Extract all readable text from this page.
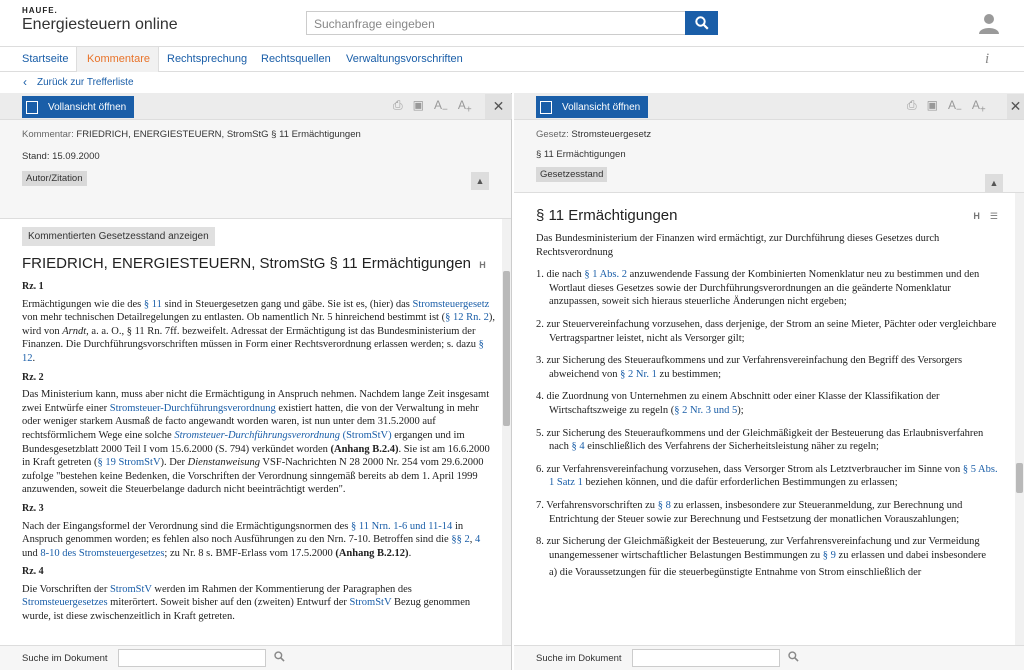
HAUFE.
Energiesteuern online	Suchanfrage eingeben
Startseite Kommentare Rechtsprechung Rechtsquellen Verwaltungsvorschriften	i
‹ Zurück zur Trefferliste
Vollansicht öffnen	⎙ ▣ $A_-$ $A_+$	✕
Kommentar: FRIEDRICH, ENERGIESTEUERN, StromStG § 11 Ermächtigungen
Stand: 15.09.2000
Autor/Zitation	▲
Kommentierten Gesetzesstand anzeigen
FRIEDRICH, ENERGIESTEUERN, StromStG § 11 Ermächtigungen H
Rz. 1
Ermächtigungen wie die des § 11 sind in Steuergesetzen gang und gäbe. Sie ist es, (hier) das Stromsteuergesetz von mehr technischen Detailregelungen zu entlasten. Ob namentlich Nr. 5 hinreichend bestimmt ist (§ 12 Rn. 2), wird von Arndt, a. a. O., § 11 Rn. 7ff. bezweifelt. Adressat der Ermächtigung ist das Bundesministerium der Finanzen. Die Durchführungsvorschriften müssen in Form einer Rechtsverordnung erlassen werden; s. dazu § 12.
Rz. 2
Das Ministerium kann, muss aber nicht die Ermächtigung in Anspruch nehmen. Nachdem lange Zeit insgesamt zwei Entwürfe einer Stromsteuer-Durchführungsverordnung existiert hatten, die von der Verwaltung in mehr oder weniger starkem Ausmaß de facto angewandt worden waren, ist nun unter dem 31.5.2000 auf rechtsförmlichem Wege eine solche Stromsteuer-Durchführungsverordnung (StromStV) ergangen und im Bundesgesetzblatt 2000 Teil I vom 15.6.2000 (S. 794) verkündet worden (Anhang B.2.4). Sie ist am 16.6.2000 in Kraft getreten (§ 19 StromStV). Der Dienstanweisung VSF-Nachrichten N 28 2000 Nr. 254 vom 29.6.2000 zufolge "bestehen keine Bedenken, die Vorschriften der Verordnung sinngemäß bereits ab dem 1. April 1999 anzuwenden, soweit die Steuerbelange dadurch nicht beeinträchtigt werden".
Rz. 3
Nach der Eingangsformel der Verordnung sind die Ermächtigungsnormen des § 11 Nrn. 1-6 und 11-14 in Anspruch genommen worden; es fehlen also noch Ausführungen zu den Nrn. 7-10. Betroffen sind die §§ 2, 4 und 8-10 des Stromsteuergesetzes; zu Nr. 8 s. BMF-Erlass vom 17.5.2000 (Anhang B.2.12).
Rz. 4
Die Vorschriften der StromStV werden im Rahmen der Kommentierung der Paragraphen des Stromsteuergesetzes miterörtert. Soweit bisher auf den (zweiten) Entwurf der StromStV Bezug genommen wurde, ist diese zwischenzeitlich in Kraft getreten.
Suche im Dokument
Vollansicht öffnen	⎙ ▣ $A_-$ $A_+$ ✕
Gesetz: Stromsteuergesetz
§ 11 Ermächtigungen
Gesetzesstand
▲
§ 11 Ermächtigungen	H ☰
Das Bundesministerium der Finanzen wird ermächtigt, zur Durchführung dieses Gesetzes durch Rechtsverordnung
1. die nach § 1 Abs. 2 anzuwendende Fassung der Kombinierten Nomenklatur neu zu bestimmen und den Wortlaut dieses Gesetzes sowie der Durchführungsverordnungen an die geänderte Nomenklatur anzupassen, soweit sich hieraus steuerliche Änderungen nicht ergeben;
2. zur Steuervereinfachung vorzusehen, dass derjenige, der Strom an seine Mieter, Pächter oder vergleichbare Vertragspartner leistet, nicht als Versorger gilt;
3. zur Sicherung des Steueraufkommens und zur Verfahrensvereinfachung den Begriff des Versorgers abweichend von § 2 Nr. 1 zu bestimmen;
4. die Zuordnung von Unternehmen zu einem Abschnitt oder einer Klasse der Klassifikation der Wirtschaftszweige zu regeln (§ 2 Nr. 3 und 5);
5. zur Sicherung des Steueraufkommens und der Gleichmäßigkeit der Besteuerung das Erlaubnisverfahren nach § 4 einschließlich des Verfahrens der Sicherheitsleistung näher zu regeln;
6. zur Verfahrensvereinfachung vorzusehen, dass Versorger Strom als Letztverbraucher im Sinne von § 5 Abs. 1 Satz 1 beziehen können, und die dafür erforderlichen Bestimmungen zu erlassen;
7. Verfahrensvorschriften zu § 8 zu erlassen, insbesondere zur Steueranmeldung, zur Berechnung und Entrichtung der Steuer sowie zur Berechnung und Festsetzung der monatlichen Vorauszahlungen;
8. zur Sicherung der Gleichmäßigkeit der Besteuerung, zur Verfahrensvereinfachung und zur Vermeidung unangemessener wirtschaftlicher Belastungen Bestimmungen zu § 9 zu erlassen und dabei insbesondere
a) die Voraussetzungen für die steuerbegünstigte Entnahme von Strom einschließlich der
Suche im Dokument
